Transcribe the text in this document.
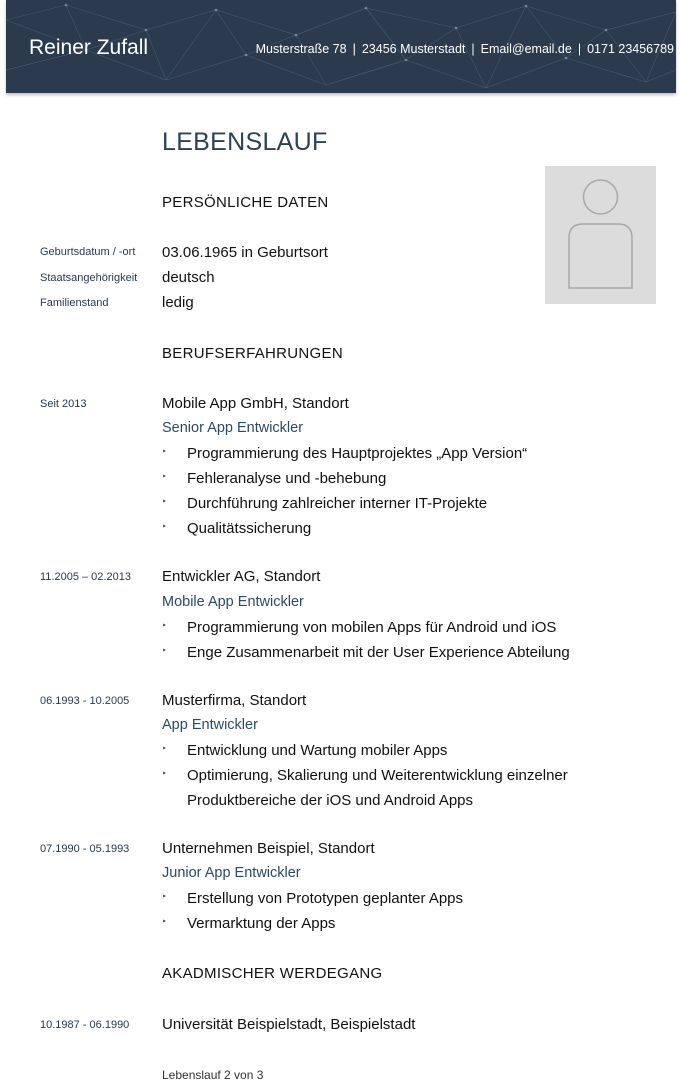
Reiner Zufall	Musterstraße 78 | 23456 Musterstadt | Email@email.de | 0171 23456789
LEBENSLAUF
PERSÖNLICHE DATEN
Geburtsdatum / -ort 03.06.1965 in Geburtsort
Staatsangehörigkeit deutsch
Familienstand	ledig
BERUFSERFAHRUNGEN
Seit 2013	Mobile App GmbH, Standort
Senior App Entwickler
‣ Programmierung des Hauptprojektes „App Version“
‣ Fehleranalyse und -behebung
‣ Durchführung zahlreicher interner IT-Projekte
‣ Qualitätssicherung
11.2005 – 02.2013 Entwickler AG, Standort
Mobile App Entwickler
‣ Programmierung von mobilen Apps für Android und iOS
‣ Enge Zusammenarbeit mit der User Experience Abteilung
06.1993 - 10.2005 Musterfirma, Standort
App Entwickler
‣ Entwicklung und Wartung mobiler Apps
‣ Optimierung, Skalierung und Weiterentwicklung einzelner
Produktbereiche der iOS und Android Apps
07.1990 - 05.1993 Unternehmen Beispiel, Standort
Junior App Entwickler
‣ Erstellung von Prototypen geplanter Apps
‣ Vermarktung der Apps
AKADMISCHER WERDEGANG
10.1987 - 06.1990 Universität Beispielstadt, Beispielstadt
Lebenslauf 2 von 3
